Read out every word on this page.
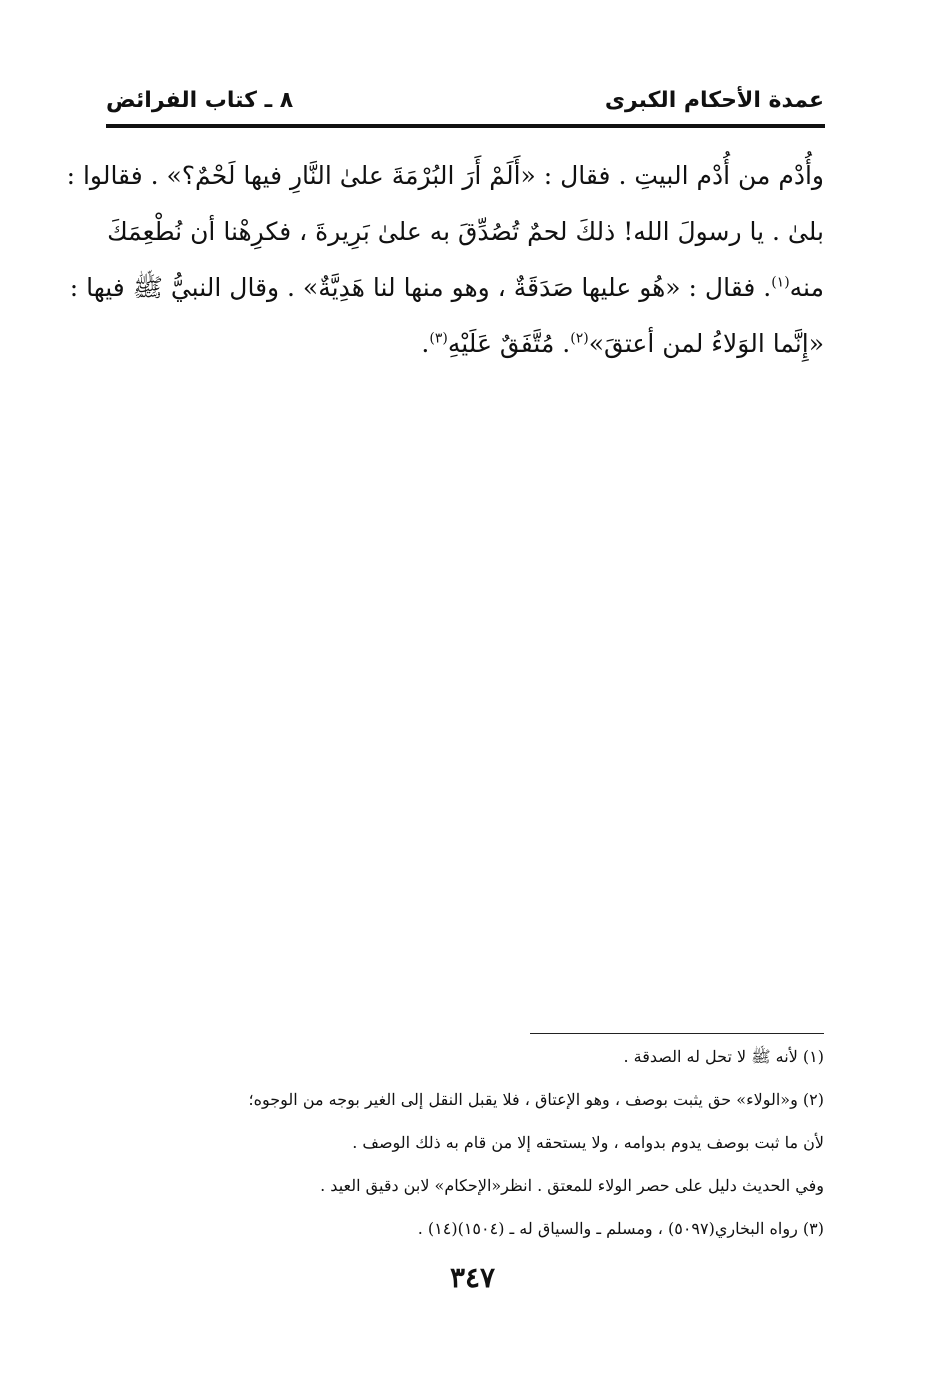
عمدة الأحكام الكبرى
٨ ـ كتاب الفرائض
وأُدْم من أُدْم البيتِ . فقال : «أَلَمْ أَرَ البُرْمَةَ علىٰ النَّارِ فيها لَحْمٌ؟» . فقالوا :
بلىٰ . يا رسولَ الله! ذلكَ لحمٌ تُصُدِّقَ به علىٰ بَرِيرةَ ، فكرِهْنا أن نُطْعِمَكَ
منه$^{(١)}$. فقال : «هُو عليها صَدَقَةٌ ، وهو منها لنا هَدِيَّةٌ» . وقال النبيُّ ﷺ فيها :
«إِنَّما الوَلاءُ لمن أعتقَ»$^{(٢)}$. مُتَّفَقٌ عَلَيْهِ$^{(٣)}$.
(١) لأنه ﷺ لا تحل له الصدقة .
(٢) و«الولاء» حق يثبت بوصف ، وهو الإعتاق ، فلا يقبل النقل إلى الغير بوجه من الوجوه؛
لأن ما ثبت بوصف يدوم بدوامه ، ولا يستحقه إلا من قام به ذلك الوصف .
وفي الحديث دليل على حصر الولاء للمعتق . انظر«الإحكام» لابن دقيق العيد .
(٣) رواه البخاري(٥٠٩٧) ، ومسلم ـ والسياق له ـ (١٥٠٤)(١٤) .
٣٤٧
